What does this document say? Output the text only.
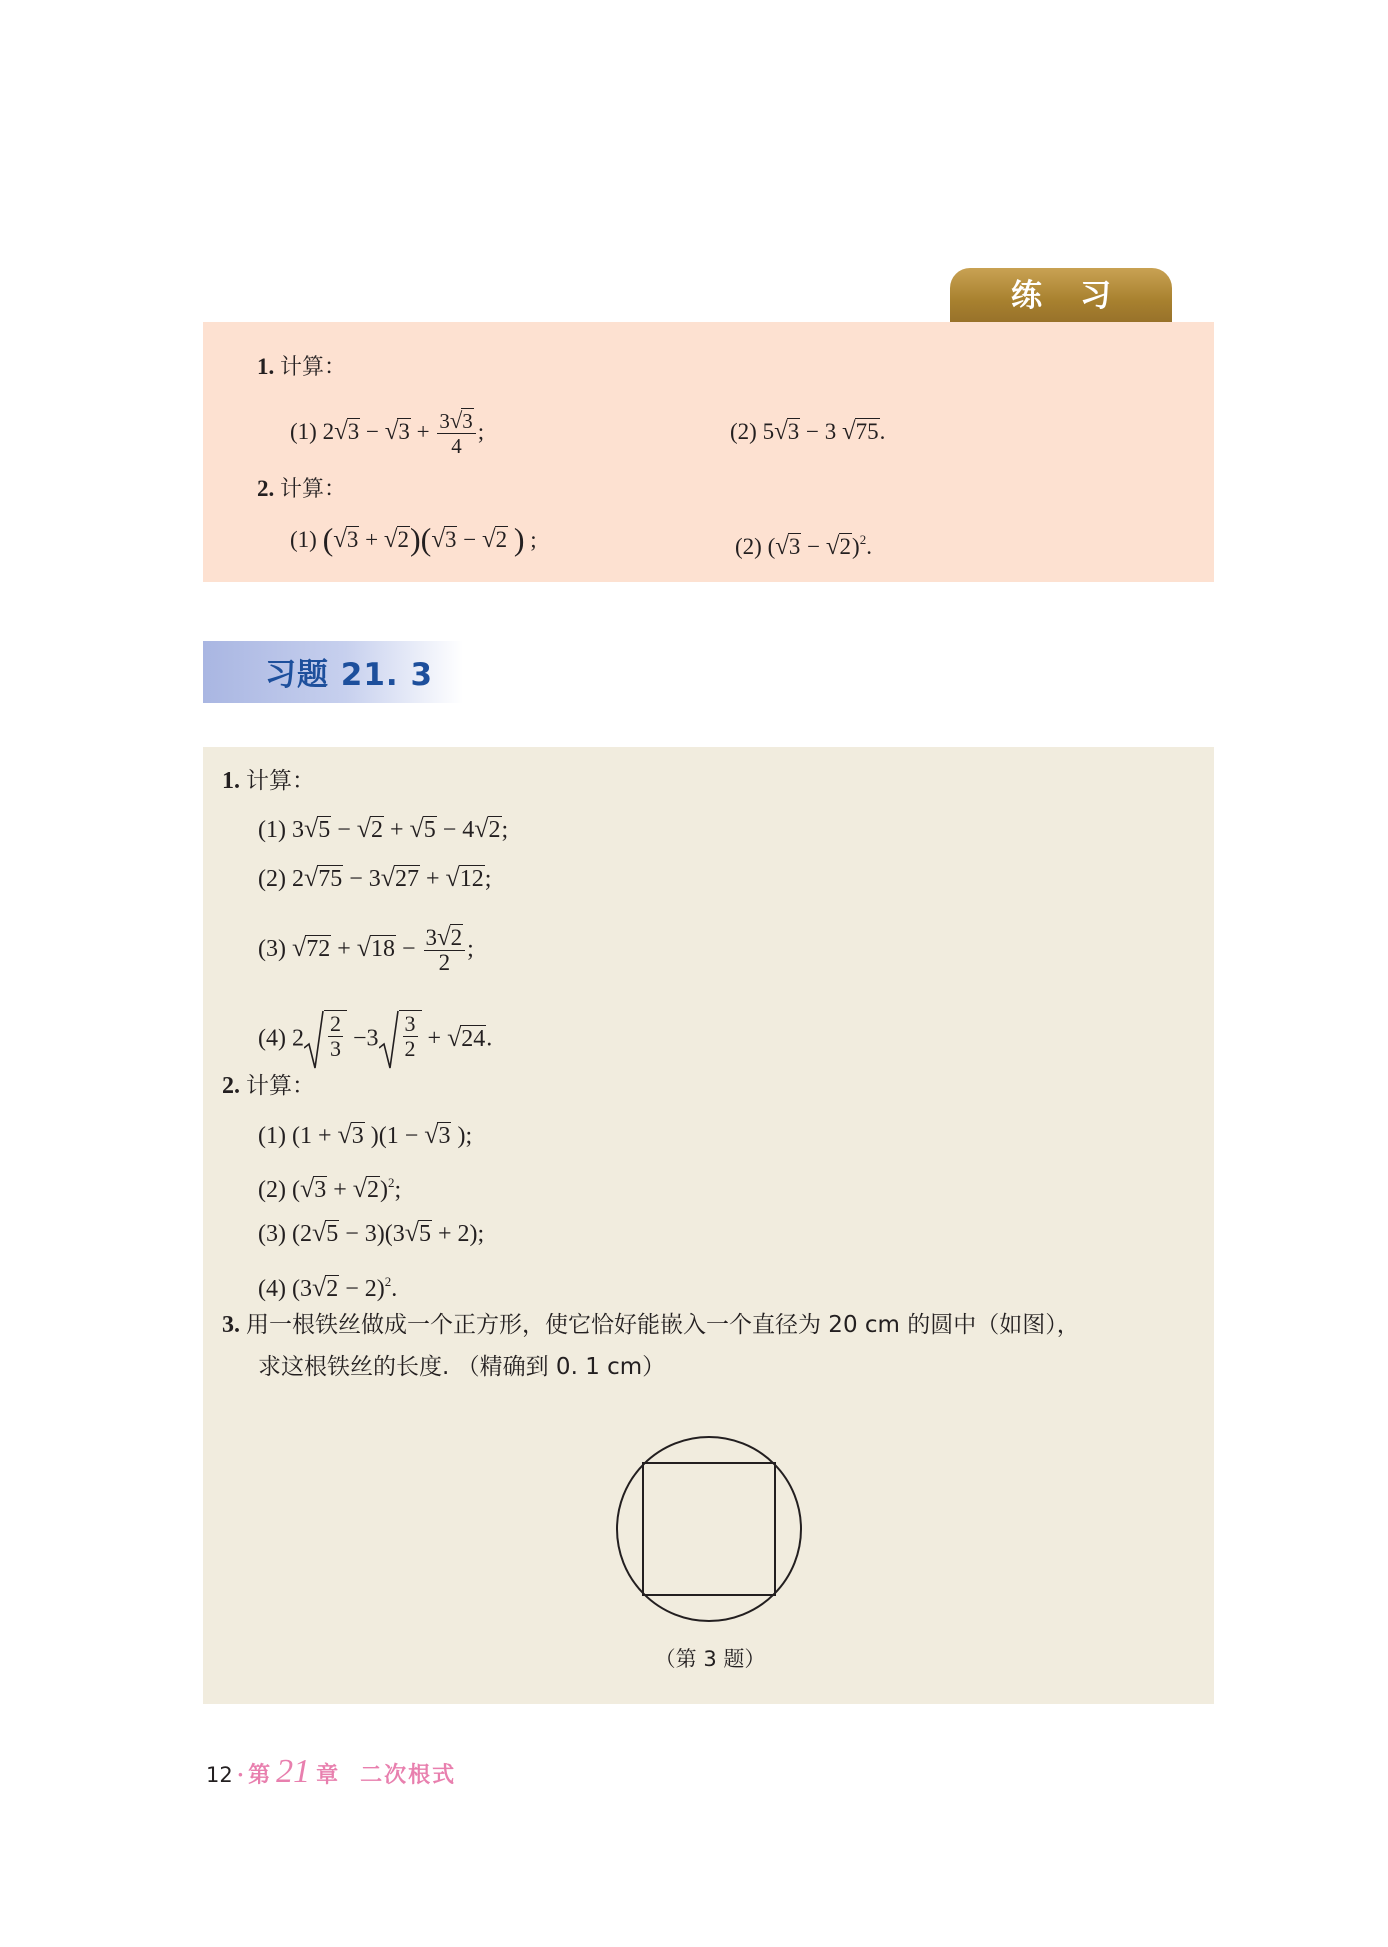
练习
1. 计算：
(1) $2√3 - √3 + \frac{3√3}{4}$ ;	(2) 5√3 − 3 √75.
2. 计算：
(1) (√3 + √2)(√3 − √2 ) ;	(2) $(√3 - √2)^2$.
习题 21. 3
1. 计算：
(1) 3√5 − √2 + √5 − 4√2;
(2) 2√75 − 3√27 + √12;
(3) $√72 + √18 - \frac{3√2}{2}$ ;
(4) $2 \frac{2}{3} -3 \frac{3}{2} + √24$.
2. 计算：
(1) (1 + √3 )(1 − √3 );
(2) $(√3 + √2)^2$;
(3) (2√5 − 3)(3√5 + 2);
(4) $(3√2 - 2)^2$.
3. 用一根铁丝做成一个正方形，使它恰好能嵌入一个直径为 20 cm 的圆中（如图），
求这根铁丝的长度. （精确到 0. 1 cm）
（第 3 题）
12 · 第 21 章 二次根式
